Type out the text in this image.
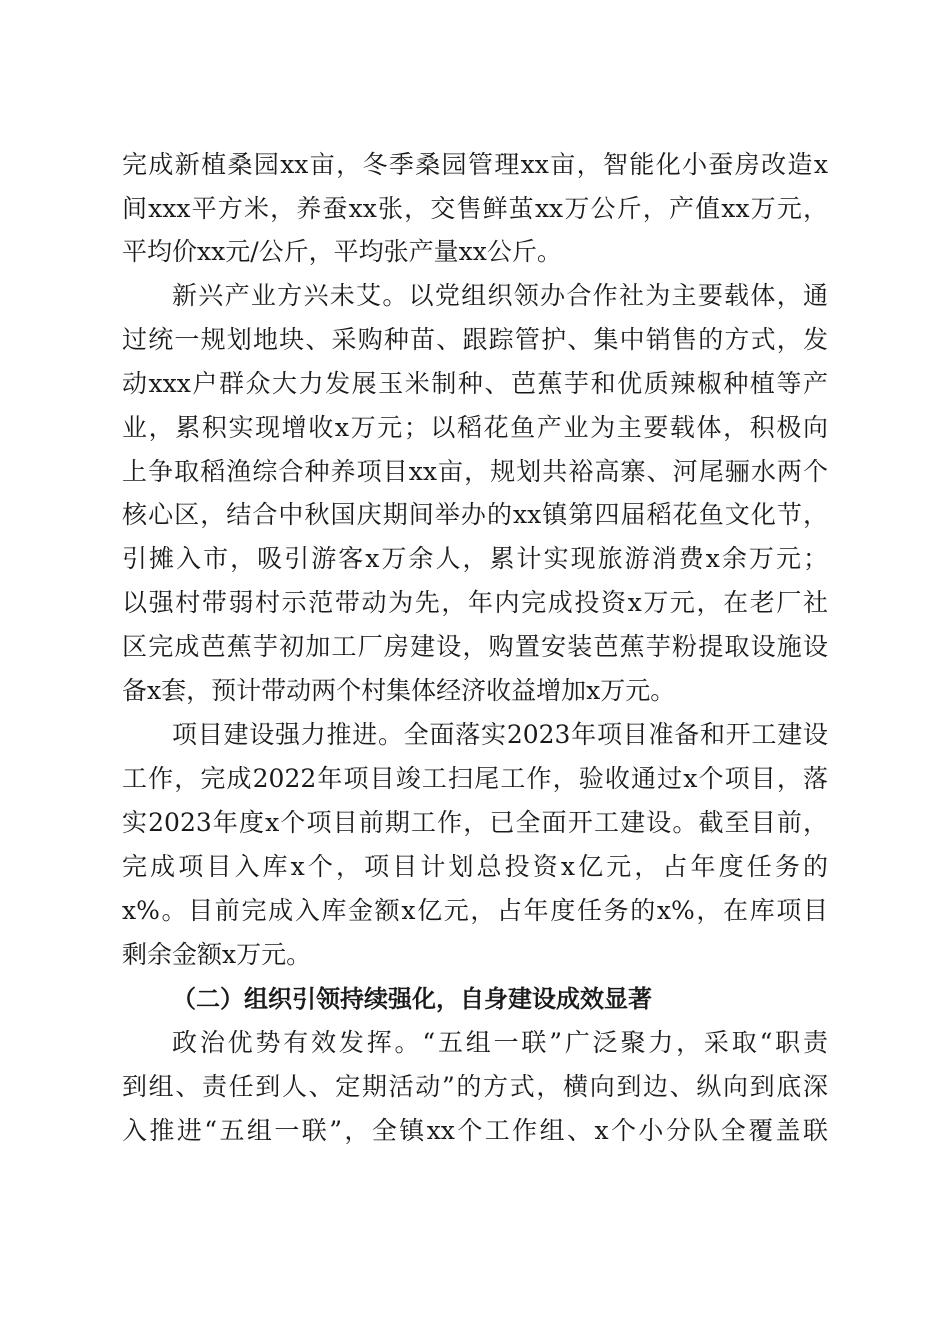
完成新植桑园xx亩，冬季桑园管理xx亩，智能化小蚕房改造x
间xxx平方米，养蚕xx张，交售鲜茧xx万公斤，产值xx万元，
平均价xx元/公斤，平均张产量xx公斤。
新兴产业方兴未艾。以党组织领办合作社为主要载体，通
过统一规划地块、采购种苗、跟踪管护、集中销售的方式，发
动xxx户群众大力发展玉米制种、芭蕉芋和优质辣椒种植等产
业，累积实现增收x万元；以稻花鱼产业为主要载体，积极向
上争取稻渔综合种养项目xx亩，规划共裕高寨、河尾骊水两个
核心区，结合中秋国庆期间举办的xx镇第四届稻花鱼文化节，
引摊入市，吸引游客x万余人，累计实现旅游消费x余万元；
以强村带弱村示范带动为先，年内完成投资x万元，在老厂社
区完成芭蕉芋初加工厂房建设，购置安装芭蕉芋粉提取设施设
备x套，预计带动两个村集体经济收益增加x万元。
项目建设强力推进。全面落实2023年项目准备和开工建设
工作，完成2022年项目竣工扫尾工作，验收通过x个项目，落
实2023年度x个项目前期工作，已全面开工建设。截至目前，
完成项目入库x个，项目计划总投资x亿元，占年度任务的
x%。目前完成入库金额x亿元，占年度任务的x%，在库项目
剩余金额x万元。
（二）组织引领持续强化，自身建设成效显著
政治优势有效发挥。“五组一联”广泛聚力，采取“职责
到组、责任到人、定期活动”的方式，横向到边、纵向到底深
入推进“五组一联”，全镇xx个工作组、x个小分队全覆盖联
